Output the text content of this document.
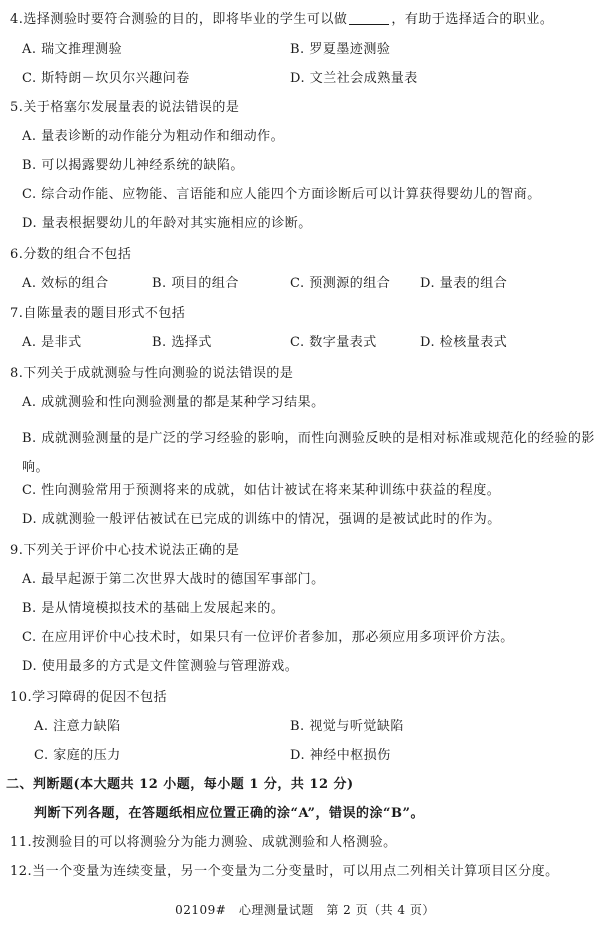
4.选择测验时要符合测验的目的，即将毕业的学生可以做	，有助于选择适合的职业。
A. 瑞文推理测验	B. 罗夏墨迹测验
C. 斯特朗－坎贝尔兴趣问卷	D. 文兰社会成熟量表
5.关于格塞尔发展量表的说法错误的是
A. 量表诊断的动作能分为粗动作和细动作。
B. 可以揭露婴幼儿神经系统的缺陷。
C. 综合动作能、应物能、言语能和应人能四个方面诊断后可以计算获得婴幼儿的智商。
D. 量表根据婴幼儿的年龄对其实施相应的诊断。
6.分数的组合不包括
A. 效标的组合	B. 项目的组合	C. 预测源的组合 D. 量表的组合
7.自陈量表的题目形式不包括
A. 是非式	B. 选择式	C. 数字量表式	D. 检核量表式
8.下列关于成就测验与性向测验的说法错误的是
A. 成就测验和性向测验测量的都是某种学习结果。
B. 成就测验测量的是广泛的学习经验的影响，而性向测验反映的是相对标准或规范化的经验的影响。
C. 性向测验常用于预测将来的成就，如估计被试在将来某种训练中获益的程度。
D. 成就测验一般评估被试在已完成的训练中的情况，强调的是被试此时的作为。
9.下列关于评价中心技术说法正确的是
A. 最早起源于第二次世界大战时的德国军事部门。
B. 是从情境模拟技术的基础上发展起来的。
C. 在应用评价中心技术时，如果只有一位评价者参加，那必须应用多项评价方法。
D. 使用最多的方式是文件筐测验与管理游戏。
10.学习障碍的促因不包括
A. 注意力缺陷	B. 视觉与听觉缺陷
C. 家庭的压力	D. 神经中枢损伤
二、判断题(本大题共 12 小题，每小题 1 分，共 12 分)
判断下列各题，在答题纸相应位置正确的涂“A”，错误的涂“B”。
11.按测验目的可以将测验分为能力测验、成就测验和人格测验。
12.当一个变量为连续变量，另一个变量为二分变量时，可以用点二列相关计算项目区分度。
02109#　心理测量试题　第 2 页（共 4 页）
